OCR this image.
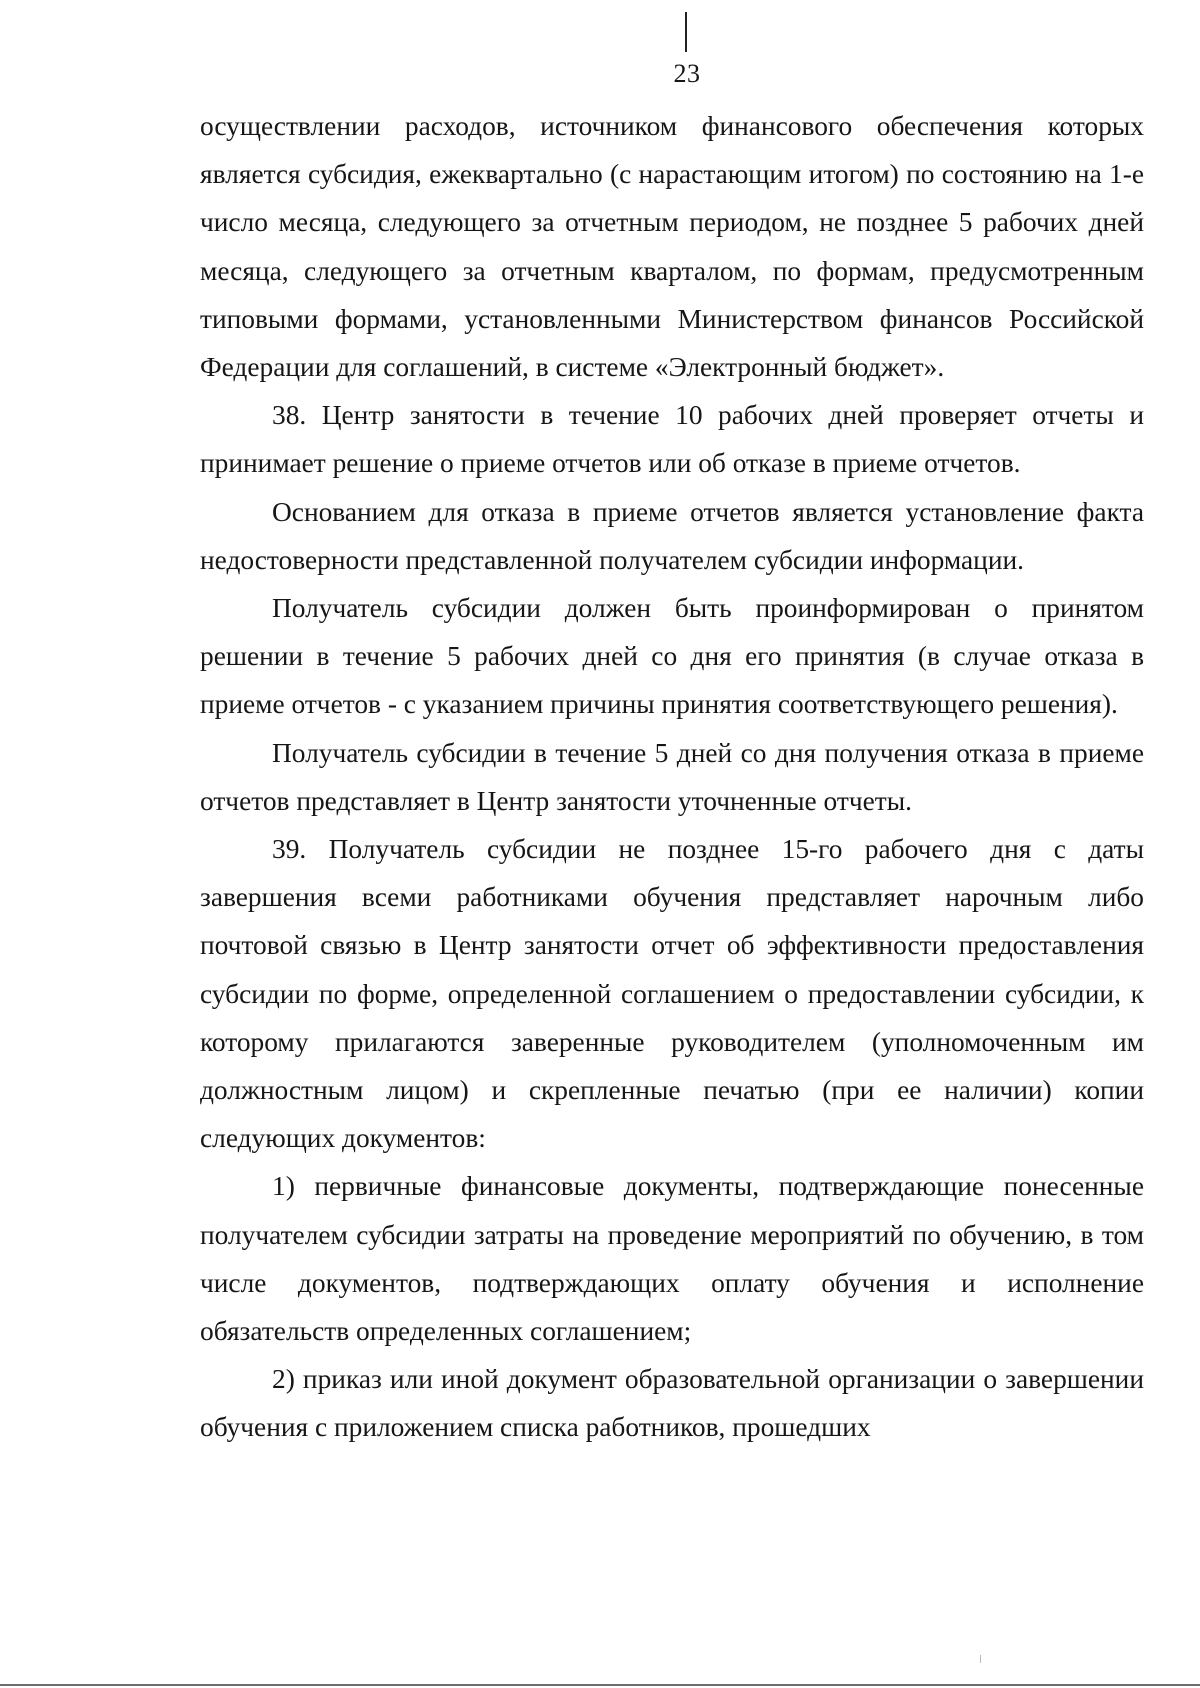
23

осуществлении расходов, источником финансового обеспечения которых является субсидия, ежеквартально (с нарастающим итогом) по состоянию на 1-е число месяца, следующего за отчетным периодом, не позднее 5 рабочих дней месяца, следующего за отчетным кварталом, по формам, предусмотренным типовыми формами, установленными Министерством финансов Российской Федерации для соглашений, в системе «Электронный бюджет».

38. Центр занятости в течение 10 рабочих дней проверяет отчеты и принимает решение о приеме отчетов или об отказе в приеме отчетов.

Основанием для отказа в приеме отчетов является установление факта недостоверности представленной получателем субсидии информации.

Получатель субсидии должен быть проинформирован о принятом решении в течение 5 рабочих дней со дня его принятия (в случае отказа в приеме отчетов - с указанием причины принятия соответствующего решения).

Получатель субсидии в течение 5 дней со дня получения отказа в приеме отчетов представляет в Центр занятости уточненные отчеты.

39. Получатель субсидии не позднее 15-го рабочего дня с даты завершения всеми работниками обучения представляет нарочным либо почтовой связью в Центр занятости отчет об эффективности предоставления субсидии по форме, определенной соглашением о предоставлении субсидии, к которому прилагаются заверенные руководителем (уполномоченным им должностным лицом) и скрепленные печатью (при ее наличии) копии следующих документов:

1) первичные финансовые документы, подтверждающие понесенные получателем субсидии затраты на проведение мероприятий по обучению, в том числе документов, подтверждающих оплату обучения и исполнение обязательств определенных соглашением;

2) приказ или иной документ образовательной организации о завершении обучения с приложением списка работников, прошедших
